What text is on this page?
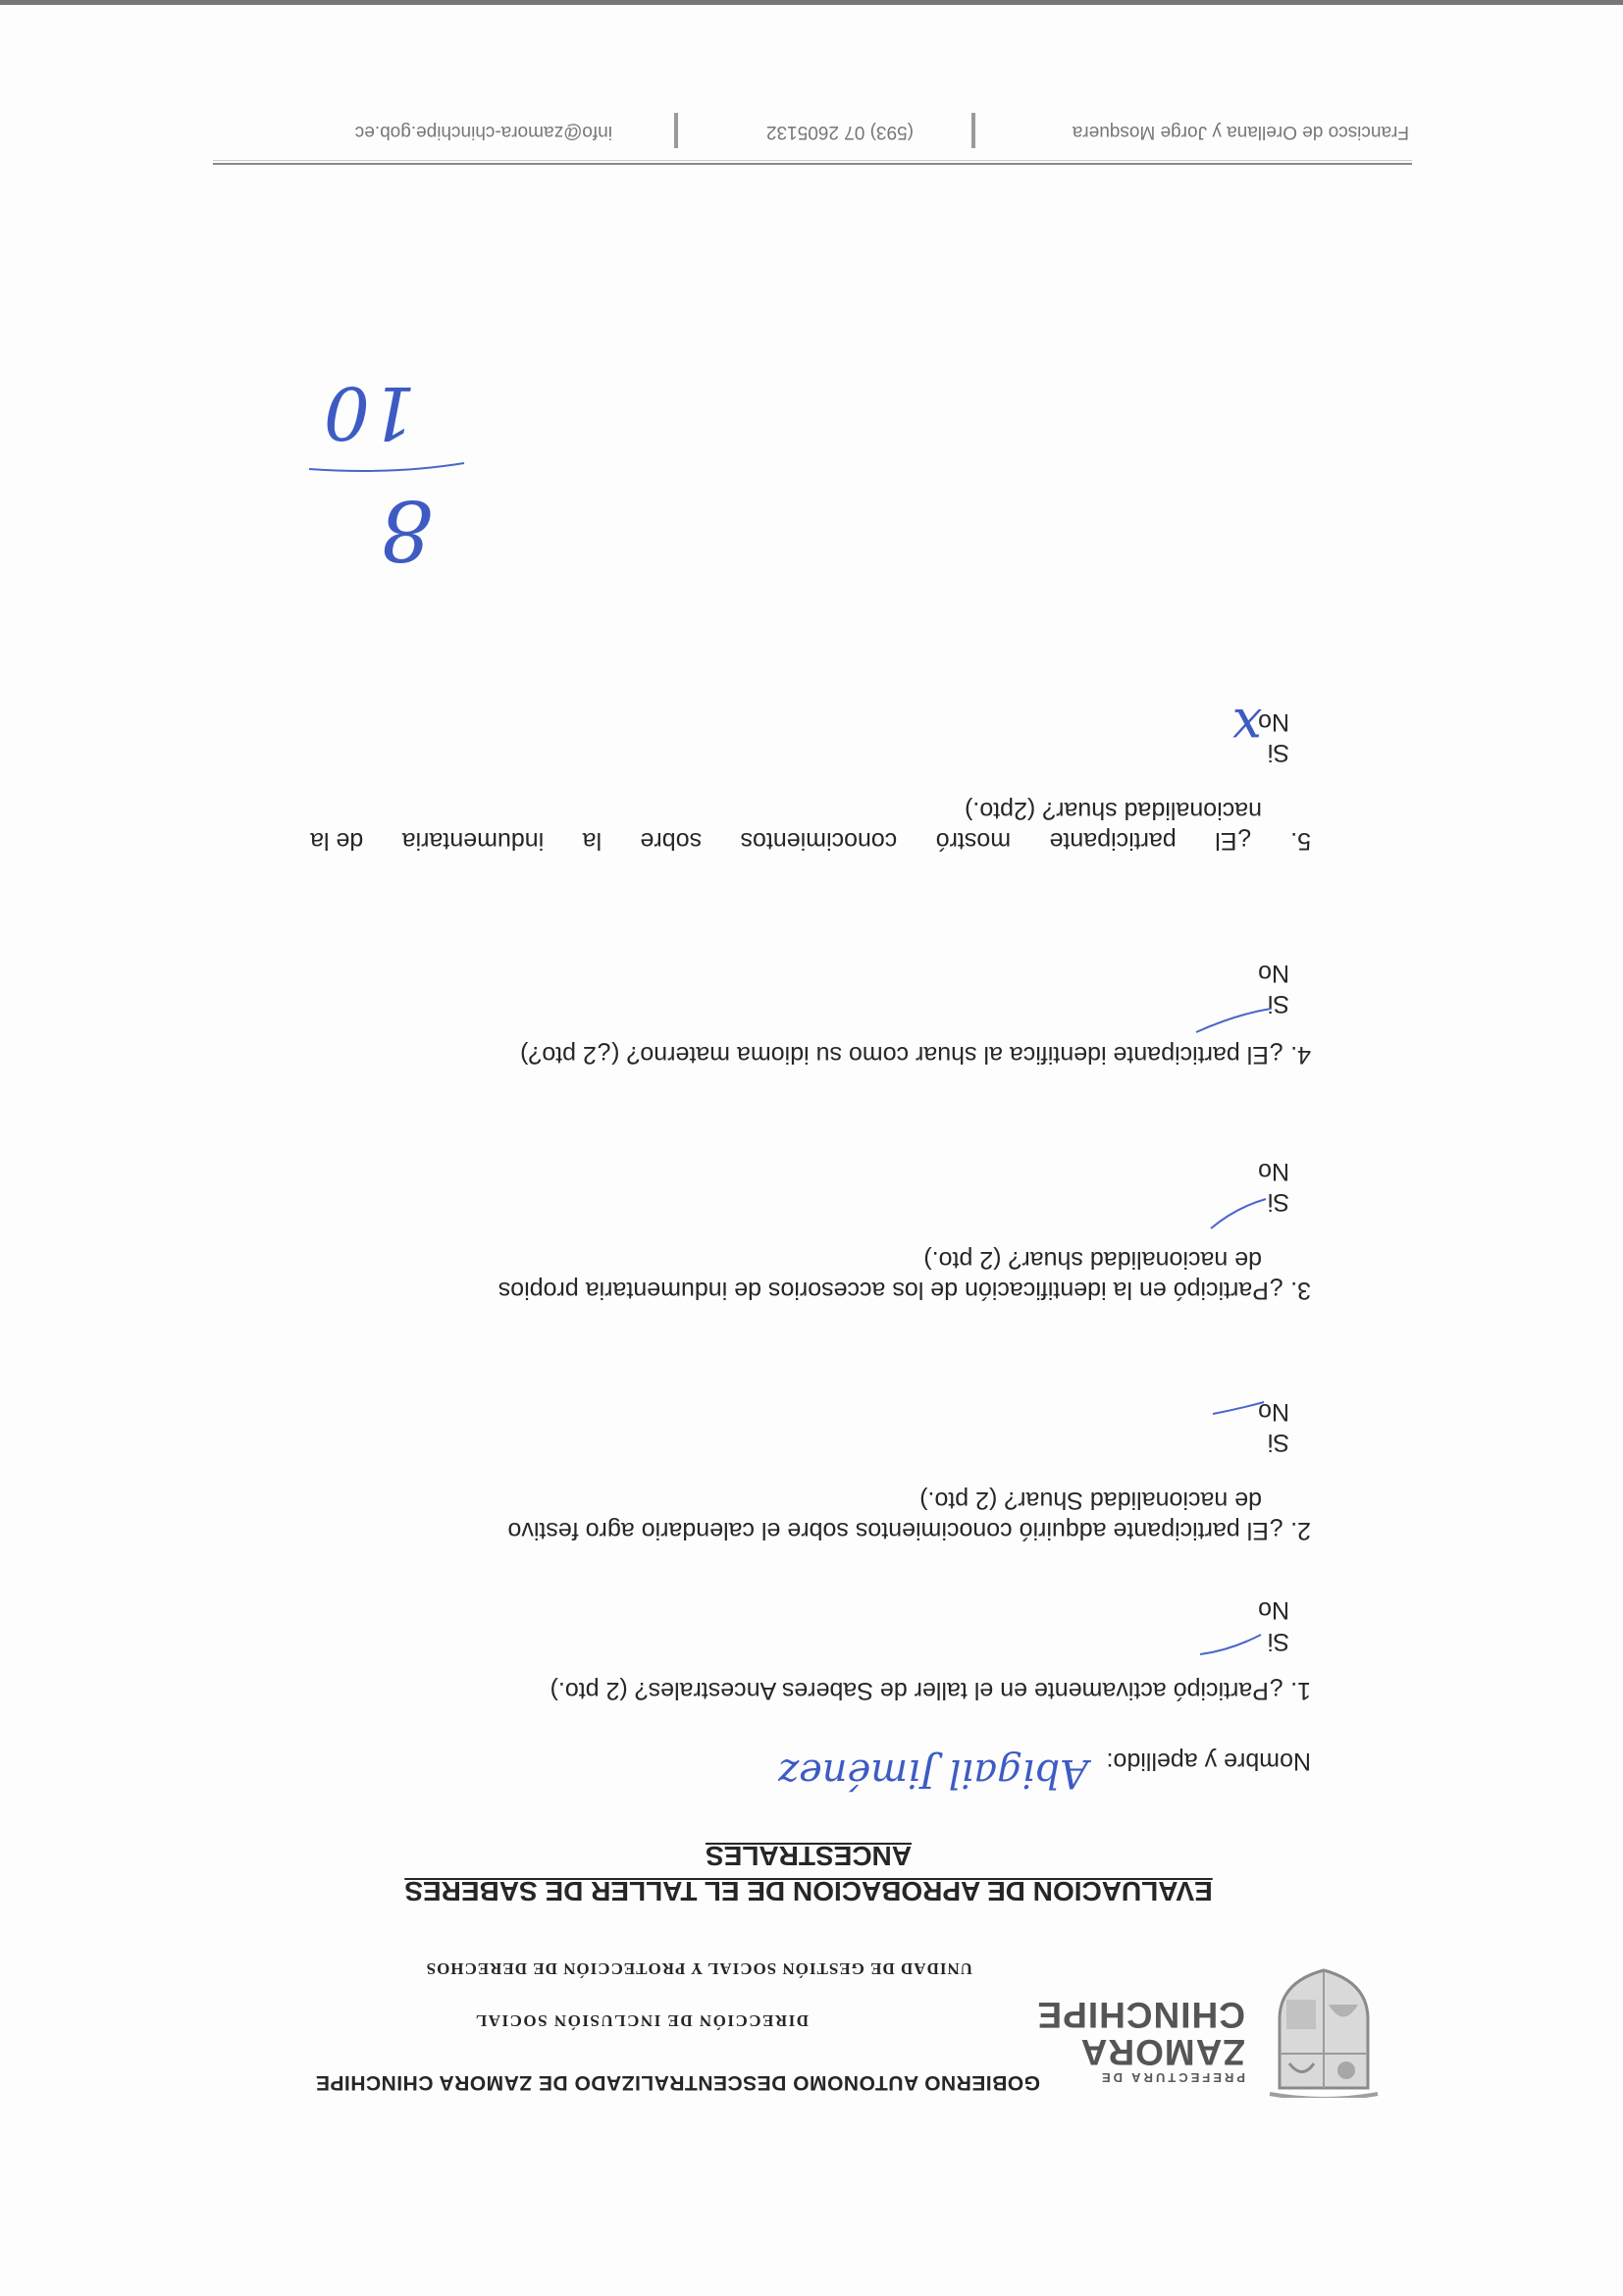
PREFECTURA DE
ZAMORA
CHINCHIPE
GOBIERNO AUTONOMO DESCENTRALIZADO DE ZAMORA CHINCHIPE
DIRECCIÓN DE INCLUSIÓN SOCIAL
UNIDAD DE GESTIÓN SOCIAL Y PROTECCIÓN DE DERECHOS
EVALUACION DE APROBACION DE EL TALLER DE SABERES
ANCESTRALES
Nombre y apellido:
Abigail Jiménez
1. ¿Participó activamente en el taller de Saberes Ancestrales? (2 pto.)
Si
No
2. ¿El participante adquirió conocimientos sobre el calendario agro festivo
de nacionalidad Shuar? (2 pto.)
Si
No
3. ¿Participó en la identificación de los accesorios de indumentaria propios
de nacionalidad shuar? (2 pto.)
Si
No
4. ¿El participante identifica al shuar como su idioma materno? (¿2 pto?)
Si
No
5.
¿El
participante
mostró
conocimientos
sobre
la
indumentaria
de la
nacionalidad shuar? (2pto.)
Si
No
x
8
10
Francisco de Orellana y Jorge Mosquera
(593) 07 2605132
info@zamora-chinchipe.gob.ec
